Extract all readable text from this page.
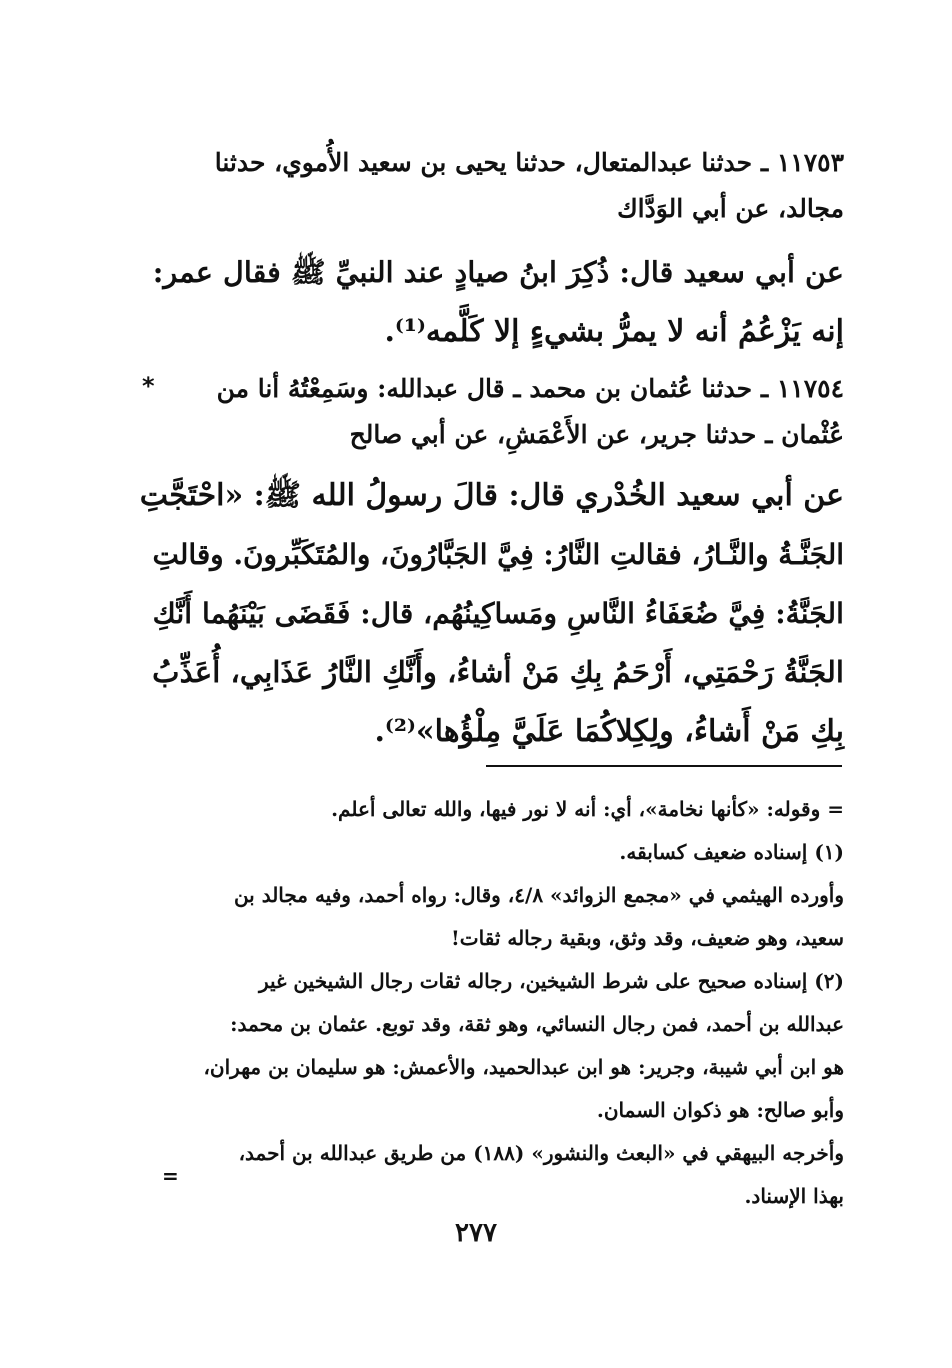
١١٧٥٣ ـ حدثنا عبدالمتعال، حدثنا يحيى بن سعيد الأُموي، حدثنا
مجالد، عن أبي الوَدَّاك
عن أبي سعيد قال: ذُكِرَ ابنُ صيادٍ عند النبيِّ ﷺ فقال عمر:
إنه يَزْعُمُ أنه لا يمرُّ بشيءٍ إلا كَلَّمه⁽¹⁾.
١١٧٥٤ ـ حدثنا عُثمان بن محمد ـ قال عبدالله: وسَمِعْتُهُ أنا من
عُثْمان ـ حدثنا جرير، عن الأَعْمَشِ، عن أبي صالح
*
عن أبي سعيد الخُدْري قال: قالَ رسولُ الله ﷺ: «احْتَجَّتِ
الجَنَّـةُ والنَّـارُ، فقالتِ النَّارُ: فِيَّ الجَبَّارُونَ، والمُتَكَبِّرونَ. وقالتِ
الجَنَّةُ: فِيَّ ضُعَفَاءُ النَّاسِ ومَساكِينُهُم، قال: فَقَضَى بَيْنَهُما أَنَّكِ
الجَنَّةُ رَحْمَتِي، أَرْحَمُ بِكِ مَنْ أشاءُ، وأَنَّكِ النَّارُ عَذَابِي، أُعَذِّبُ
بِكِ مَنْ أَشاءُ، ولِكِلاكُمَا عَلَيَّ مِلْؤُها»⁽²⁾.
= وقوله: «كأنها نخامة»، أي: أنه لا نور فيها، والله تعالى أعلم.
(١) إسناده ضعيف كسابقه.
وأورده الهيثمي في «مجمع الزوائد» ٤/٨، وقال: رواه أحمد، وفيه مجالد بن
سعيد، وهو ضعيف، وقد وثق، وبقية رجاله ثقات!
(٢) إسناده صحيح على شرط الشيخين، رجاله ثقات رجال الشيخين غير
عبدالله بن أحمد، فمن رجال النسائي، وهو ثقة، وقد توبع. عثمان بن محمد:
هو ابن أبي شيبة، وجرير: هو ابن عبدالحميد، والأعمش: هو سليمان بن مهران،
وأبو صالح: هو ذكوان السمان.
وأخرجه البيهقي في «البعث والنشور» (١٨٨) من طريق عبدالله بن أحمد،
بهذا الإسناد.
=
٢٧٧
